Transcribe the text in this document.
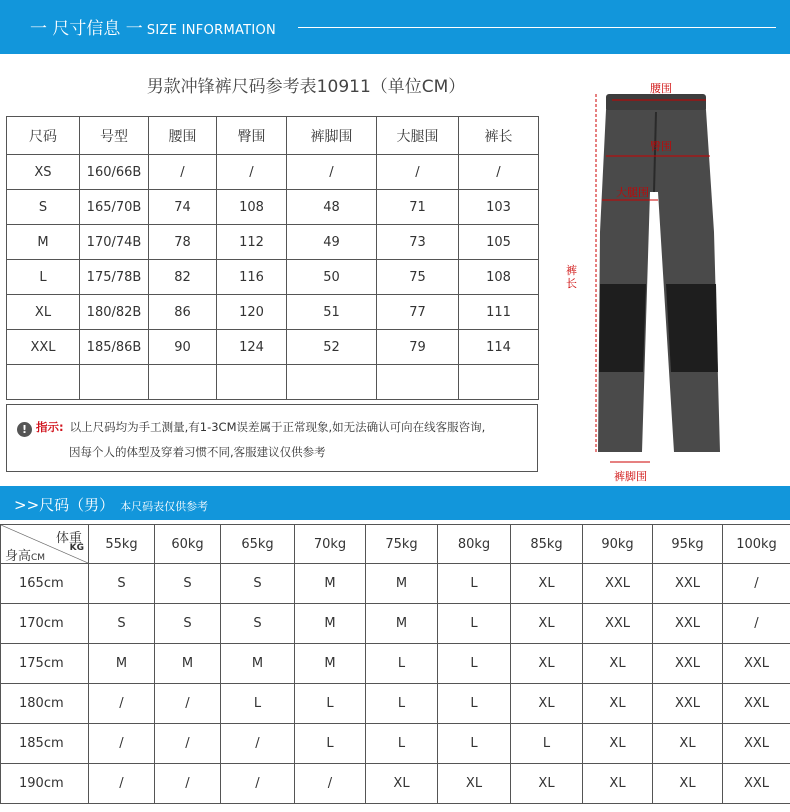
一 尺寸信息 一 SIZE INFORMATION
男款冲锋裤尺码参考表10911（单位CM）
尺码	号型	腰围	臀围	裤脚围	大腿围	裤长
XS	160/66B	/	/	/	/	/
S	165/70B	74	108	48	71	103
M	170/74B	78	112	49	73	105
L	175/78B	82	116	50	75	108
XL	180/82B	86	120	51	77	111
XXL	185/86B	90	124	52	79	114

! 指示: 以上尺码均为手工测量,有1-3CM误差属于正常现象,如无法确认可向在线客服咨询,
因每个人的体型及穿着习惯不同,客服建议仅供参考
腰围
臀围
大腿围
裤长
裤脚围
>>尺码（男） 本尺码表仅供参考
体重
KG
身高CM	55kg	60kg	65kg	70kg	75kg	80kg	85kg	90kg	95kg	100kg
165cm	S	S	S	M	M	L	XL	XXL	XXL	/
170cm	S	S	S	M	M	L	XL	XXL	XXL	/
175cm	M	M	M	M	L	L	XL	XL	XXL	XXL
180cm	/	/	L	L	L	L	XL	XL	XXL	XXL
185cm	/	/	/	L	L	L	L	XL	XL	XXL
190cm	/	/	/	/	XL	XL	XL	XL	XL	XXL
